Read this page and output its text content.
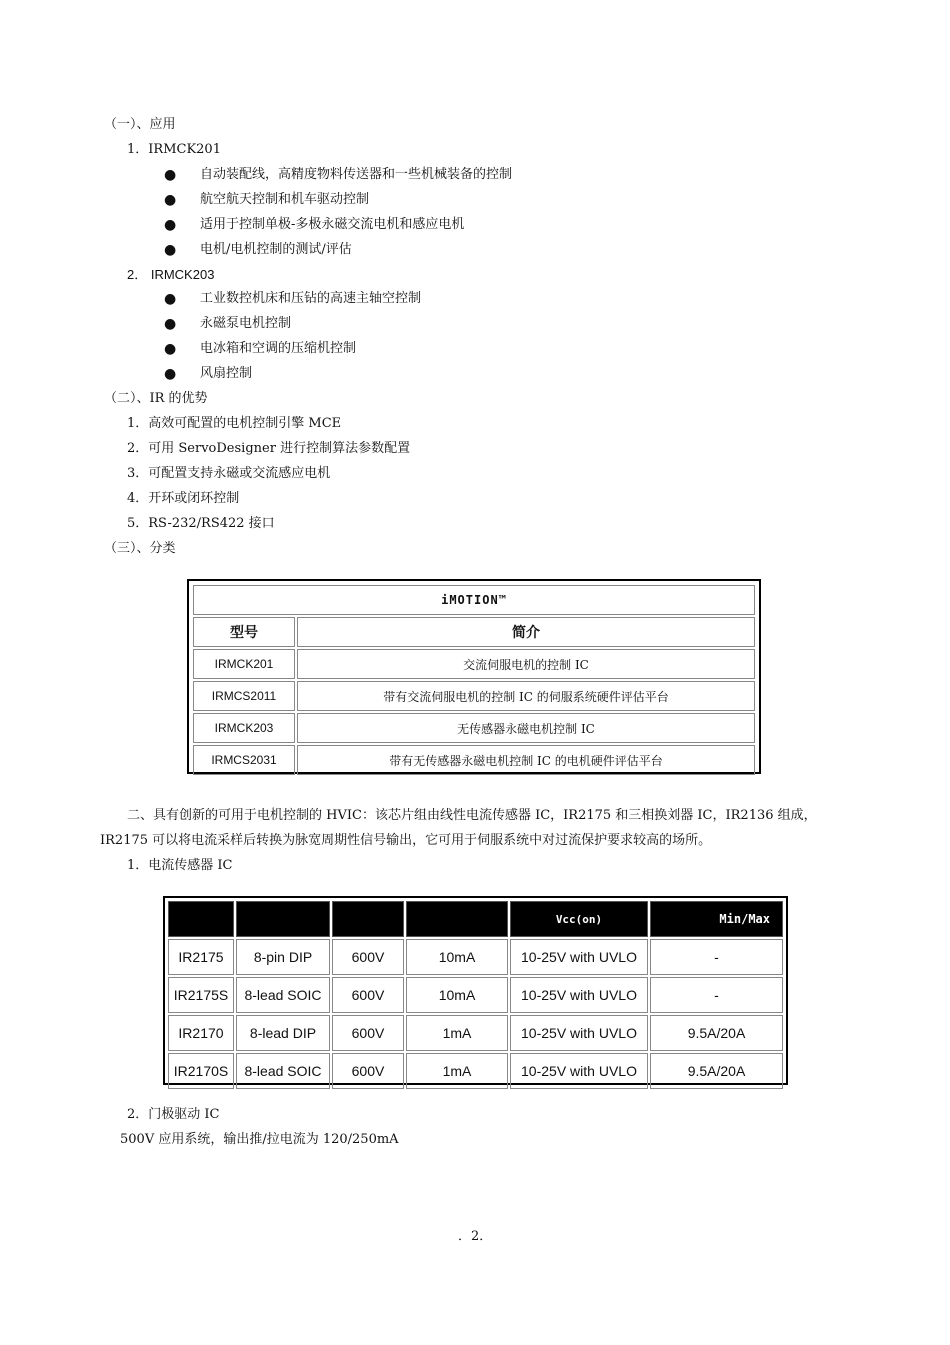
（一）、应用
1．IRMCK201
● 自动装配线，高精度物料传送器和一些机械装备的控制
● 航空航天控制和机车驱动控制
● 适用于控制单极-多极永磁交流电机和感应电机
● 电机/电机控制的测试/评估
2． IRMCK203
● 工业数控机床和压钻的高速主轴空控制
● 永磁泵电机控制
● 电冰箱和空调的压缩机控制
● 风扇控制
（二）、IR 的优势
1．高效可配置的电机控制引擎 MCE
2．可用 ServoDesigner 进行控制算法参数配置
3．可配置支持永磁或交流感应电机
4．开环或闭环控制
5．RS-232/RS422 接口
（三）、分类
iMOTION™	
型号	简介
IRMCK201	交流伺服电机的控制 IC
IRMCS2011	带有交流伺服电机的控制 IC 的伺服系统硬件评估平台
IRMCK203	无传感器永磁电机控制 IC
IRMCS2031	带有无传感器永磁电机控制 IC 的电机硬件评估平台
二、具有创新的可用于电机控制的 HVIC：该芯片组由线性电流传感器 IC，IR2175 和三相换刘器 IC，IR2136 组成，
IR2175 可以将电流采样后转换为脉宽周期性信号输出，它可用于伺服系统中对过流保护要求较高的场所。
1．电流传感器 IC
				Vcc(on)	Min/Max
IR2175	8-pin DIP	600V	10mA	10-25V with UVLO	-
IR2175S	8-lead SOIC	600V	10mA	10-25V with UVLO	-
IR2170	8-lead DIP	600V	1mA	10-25V with UVLO	9.5A/20A
IR2170S	8-lead SOIC	600V	1mA	10-25V with UVLO	9.5A/20A
2．门极驱动 IC
500V 应用系统，输出推/拉电流为 120/250mA
．2．
